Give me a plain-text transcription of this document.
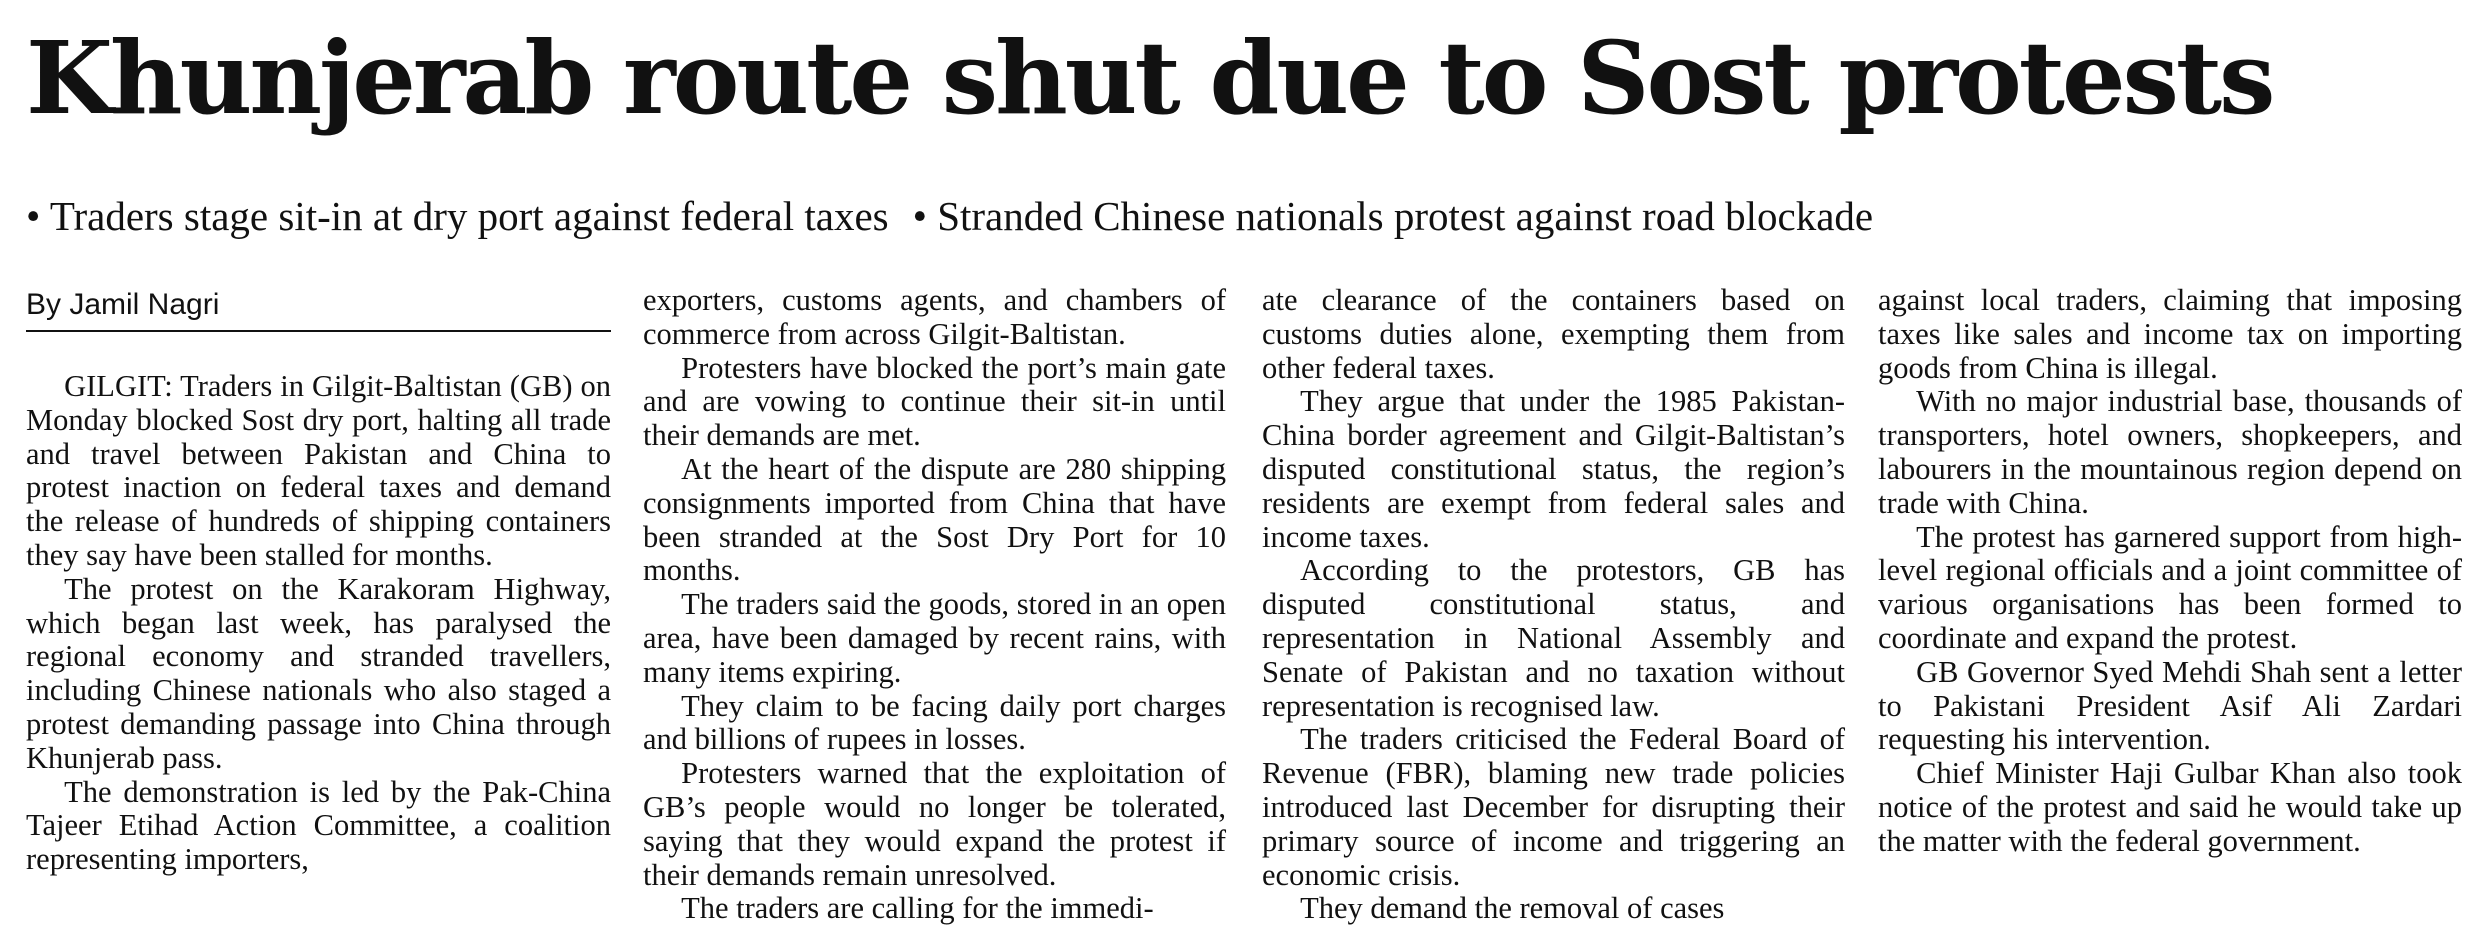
Khunjerab route shut due to Sost protests
• Traders stage sit-in at dry port against federal taxes • Stranded Chinese nationals protest against road blockade
By Jamil Nagri

GILGIT: Traders in Gilgit-Baltistan (GB) on Monday blocked Sost dry port, halting all trade and travel between Pakistan and China to protest inaction on federal taxes and demand the release of hundreds of shipping containers they say have been stalled for months.

The protest on the Karakoram Highway, which began last week, has paralysed the regional economy and stranded travellers, including Chinese nationals who also staged a protest demanding passage into China through Khunjerab pass.

The demonstration is led by the Pak-China Tajeer Etihad Action Committee, a coalition representing importers,

exporters, customs agents, and chambers of commerce from across Gilgit-Baltistan.

Protesters have blocked the port’s main gate and are vowing to continue their sit-in until their demands are met.

At the heart of the dispute are 280 shipping consignments imported from China that have been stranded at the Sost Dry Port for 10 months.

The traders said the goods, stored in an open area, have been damaged by recent rains, with many items expiring.

They claim to be facing daily port charges and billions of rupees in losses.

Protesters warned that the exploitation of GB’s people would no longer be tolerated, saying that they would expand the protest if their demands remain unresolved.

The traders are calling for the immedi-

ate clearance of the containers based on customs duties alone, exempting them from other federal taxes.

They argue that under the 1985 Pakistan-China border agreement and Gilgit-Baltistan’s disputed constitutional status, the region’s residents are exempt from federal sales and income taxes.

According to the protestors, GB has disputed constitutional status, and representation in National Assembly and Senate of Pakistan and no taxation without representation is recognised law.

The traders criticised the Federal Board of Revenue (FBR), blaming new trade policies introduced last December for disrupting their primary source of income and triggering an economic crisis.

They demand the removal of cases

against local traders, claiming that imposing taxes like sales and income tax on importing goods from China is illegal.

With no major industrial base, thousands of transporters, hotel owners, shopkeepers, and labourers in the mountainous region depend on trade with China.

The protest has garnered support from high-level regional officials and a joint committee of various organisations has been formed to coordinate and expand the protest.

GB Governor Syed Mehdi Shah sent a letter to Pakistani President Asif Ali Zardari requesting his intervention.

Chief Minister Haji Gulbar Khan also took notice of the protest and said he would take up the matter with the federal government.
